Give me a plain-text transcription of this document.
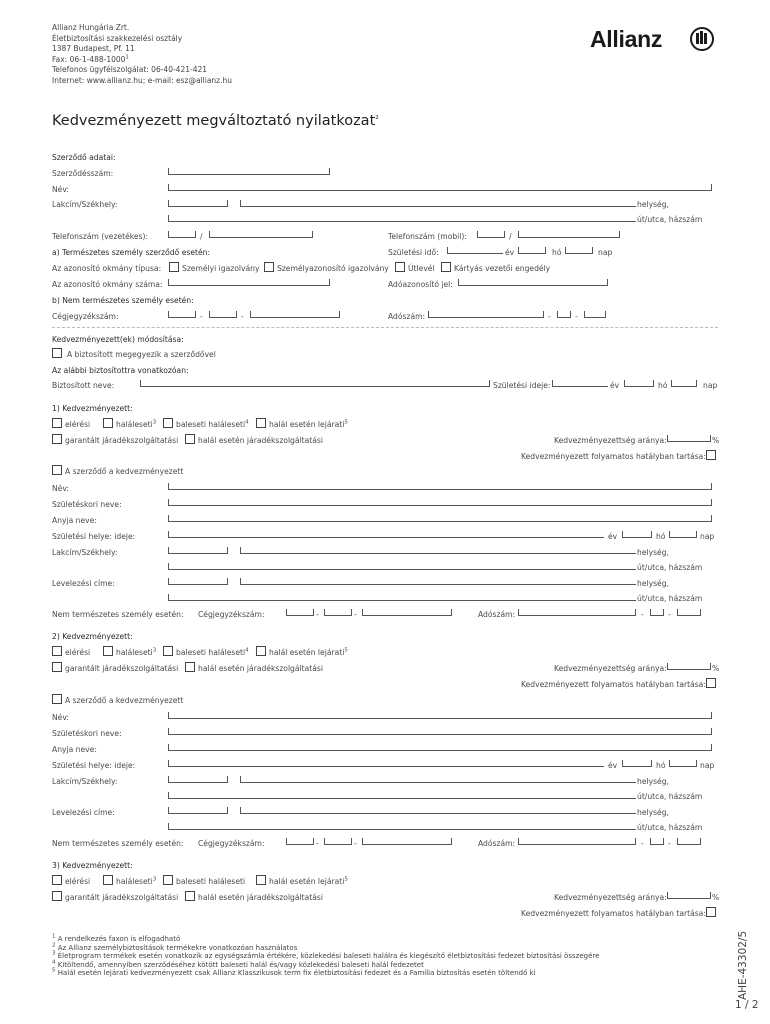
Allianz Hungária Zrt.
Életbiztosítási szakkezelési osztály
1387 Budapest, Pf. 11
Fax: 06-1-488-1000$^1$
Telefonos ügyfélszolgálat: 06-40-421-421
Internet: www.allianz.hu; e-mail: esz@allianz.hu
Allianz
Kedvezményezett megváltoztató nyilatkozat$^2$
Szerződő adatai:
Szerződésszám:
Név:
Lakcím/Székhely:	helység,
út/utca, házszám
Telefonszám (vezetékes):	/	Telefonszám (mobil):	/
a) Természetes személy szerződő esetén:	Születési idő:	év	hó	nap
Az azonosító okmány típusa:	Személyi igazolvány Személyazonosító igazolvány	Útlevél	Kártyás vezetői engedély
Az azonosító okmány száma:	Adóazonosító jel:
b) Nem természetes személy esetén:
Cégjegyzékszám:	-	-	Adószám:	-	-
Kedvezményezett(ek) módosítása:
A biztosított megegyezik a szerződővel
Az alábbi biztosítottra vonatkozóan:
Biztosított neve:	Születési ideje:	év	hó	nap
1) Kedvezményezett:
elérési	haláleseti$^3$	baleseti haláleseti$^4$	halál esetén lejárati$^5$
garantált járadékszolgáltatási	halál esetén járadékszolgáltatási	Kedvezményezettség aránya:	%
Kedvezményezett folyamatos hatályban tartása:
A szerződő a kedvezményezett
Név:
Születéskori neve:
Anyja neve:
Születési helye: ideje:	év	hó	nap
Lakcím/Székhely:	helység,
út/utca, házszám
Levelezési címe:	helység,
út/utca, házszám
Nem természetes személy esetén: Cégjegyzékszám:	-	-	Adószám:	-	-
2) Kedvezményezett:
elérési	haláleseti$^3$	baleseti haláleseti$^4$	halál esetén lejárati$^5$
garantált járadékszolgáltatási	halál esetén járadékszolgáltatási	Kedvezményezettség aránya:	%
Kedvezményezett folyamatos hatályban tartása:
A szerződő a kedvezményezett
Név:
Születéskori neve:
Anyja neve:
Születési helye: ideje:	év	hó	nap
Lakcím/Székhely:	helység,
út/utca, házszám
Levelezési címe:	helység,
út/utca, házszám
Nem természetes személy esetén: Cégjegyzékszám:	-	-	Adószám:	-	-
3) Kedvezményezett:
elérési	haláleseti$^3$	baleseti haláleseti	halál esetén lejárati$^5$
garantált járadékszolgáltatási	halál esetén járadékszolgáltatási	Kedvezményezettség aránya:	%
Kedvezményezett folyamatos hatályban tartása:
$^1$ A rendelkezés faxon is elfogadható
$^2$ Az Allianz személybiztosítások termékekre vonatkozóan használatos
$^3$ Életprogram termékek esetén vonatkozik az egységszámla értékére, közlekedési baleseti halálra és kiegészítő életbiztosítási fedezet biztosítási összegére
$^4$ Kitöltendő, amennyiben szerződéséhez kötött baleseti halál és/vagy közlekedési baleseti halál fedezetet
$^5$ Halál esetén lejárati kedvezményezett csak Allianz Klasszikusok term fix életbiztosítási fedezet és a Família biztosítás esetén töltendő ki	AHE-43302/5
1 / 2
